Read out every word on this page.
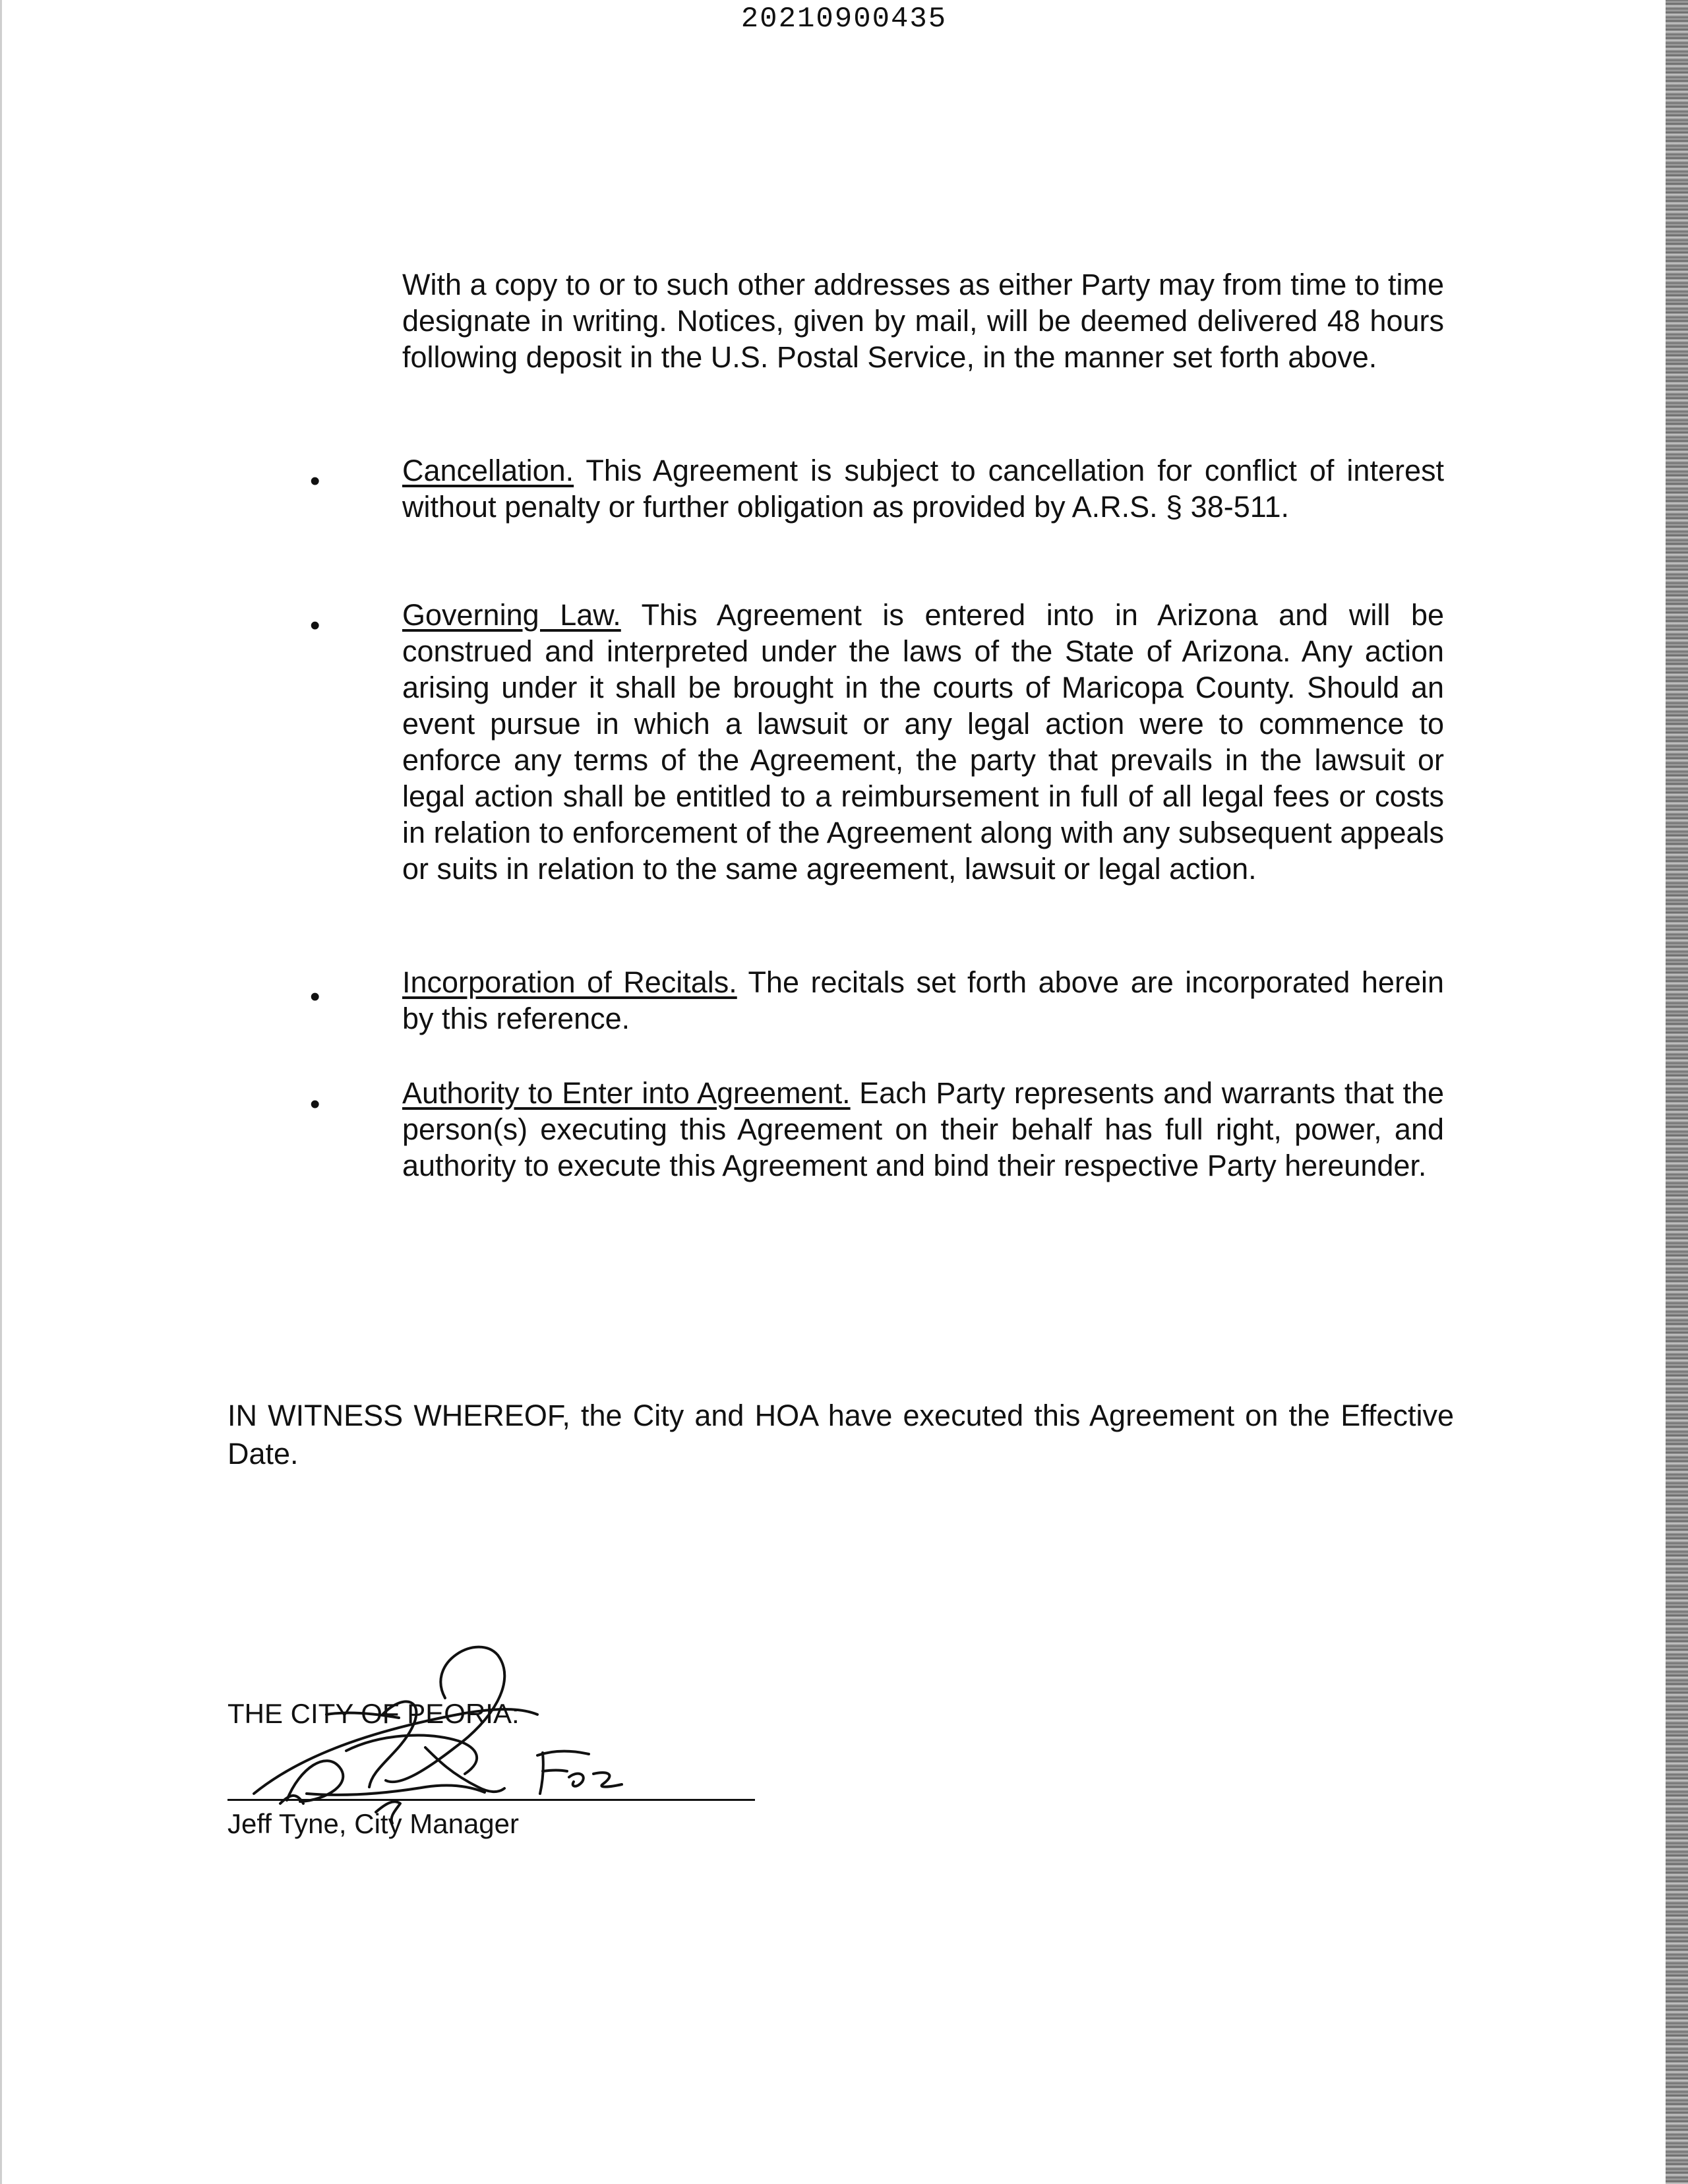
20210900435
With a copy to or to such other addresses as either Party may from time to time designate in writing. Notices, given by mail, will be deemed delivered 48 hours following deposit in the U.S. Postal Service, in the manner set forth above.
•	Cancellation. This Agreement is subject to cancellation for conflict of interest without penalty or further obligation as provided by A.R.S. § 38-511.
•	Governing Law. This Agreement is entered into in Arizona and will be construed and interpreted under the laws of the State of Arizona. Any action arising under it shall be brought in the courts of Maricopa County. Should an event pursue in which a lawsuit or any legal action were to commence to enforce any terms of the Agreement, the party that prevails in the lawsuit or legal action shall be entitled to a reimbursement in full of all legal fees or costs in relation to enforcement of the Agreement along with any subsequent appeals or suits in relation to the same agreement, lawsuit or legal action.
•	Incorporation of Recitals. The recitals set forth above are incorporated herein by this reference.
•	Authority to Enter into Agreement. Each Party represents and warrants that the person(s) executing this Agreement on their behalf has full right, power, and authority to execute this Agreement and bind their respective Party hereunder.
IN WITNESS WHEREOF, the City and HOA have executed this Agreement on the Effective Date.
THE CITY OF PEORIA:
Jeff Tyne, City Manager
